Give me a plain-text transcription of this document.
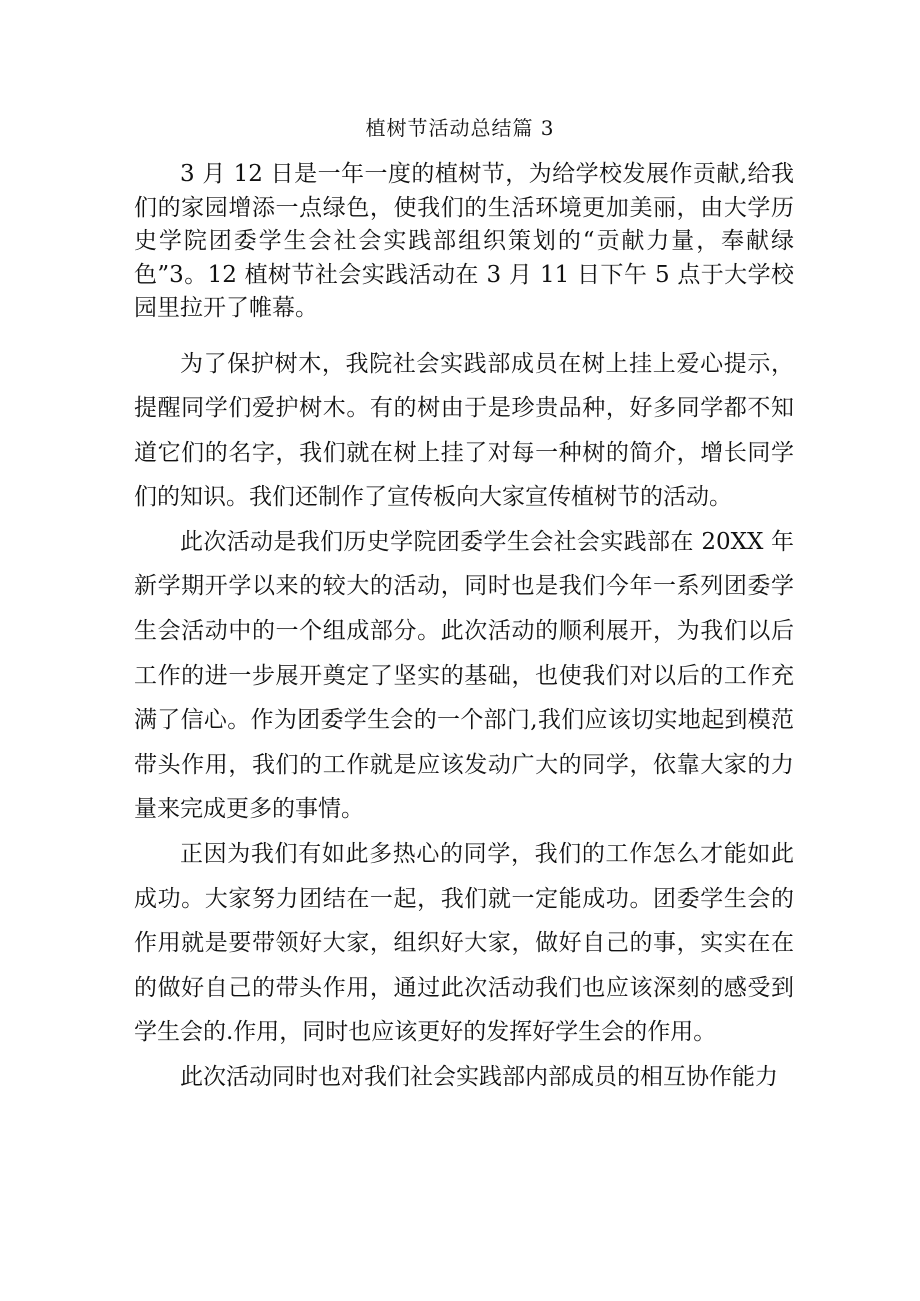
植树节活动总结篇 3

3 月 12 日是一年一度的植树节，为给学校发展作贡献,给我们的家园增添一点绿色，使我们的生活环境更加美丽，由大学历史学院团委学生会社会实践部组织策划的“贡献力量，奉献绿色”3。12 植树节社会实践活动在 3 月 11 日下午 5 点于大学校园里拉开了帷幕。

为了保护树木，我院社会实践部成员在树上挂上爱心提示，提醒同学们爱护树木。有的树由于是珍贵品种，好多同学都不知道它们的名字，我们就在树上挂了对每一种树的简介，增长同学们的知识。我们还制作了宣传板向大家宣传植树节的活动。

此次活动是我们历史学院团委学生会社会实践部在 20XX 年新学期开学以来的较大的活动，同时也是我们今年一系列团委学生会活动中的一个组成部分。此次活动的顺利展开，为我们以后工作的进一步展开奠定了坚实的基础，也使我们对以后的工作充满了信心。作为团委学生会的一个部门,我们应该切实地起到模范带头作用，我们的工作就是应该发动广大的同学，依靠大家的力量来完成更多的事情。

正因为我们有如此多热心的同学，我们的工作怎么才能如此成功。大家努力团结在一起，我们就一定能成功。团委学生会的作用就是要带领好大家，组织好大家，做好自己的事，实实在在的做好自己的带头作用，通过此次活动我们也应该深刻的感受到学生会的.作用，同时也应该更好的发挥好学生会的作用。

此次活动同时也对我们社会实践部内部成员的相互协作能力
